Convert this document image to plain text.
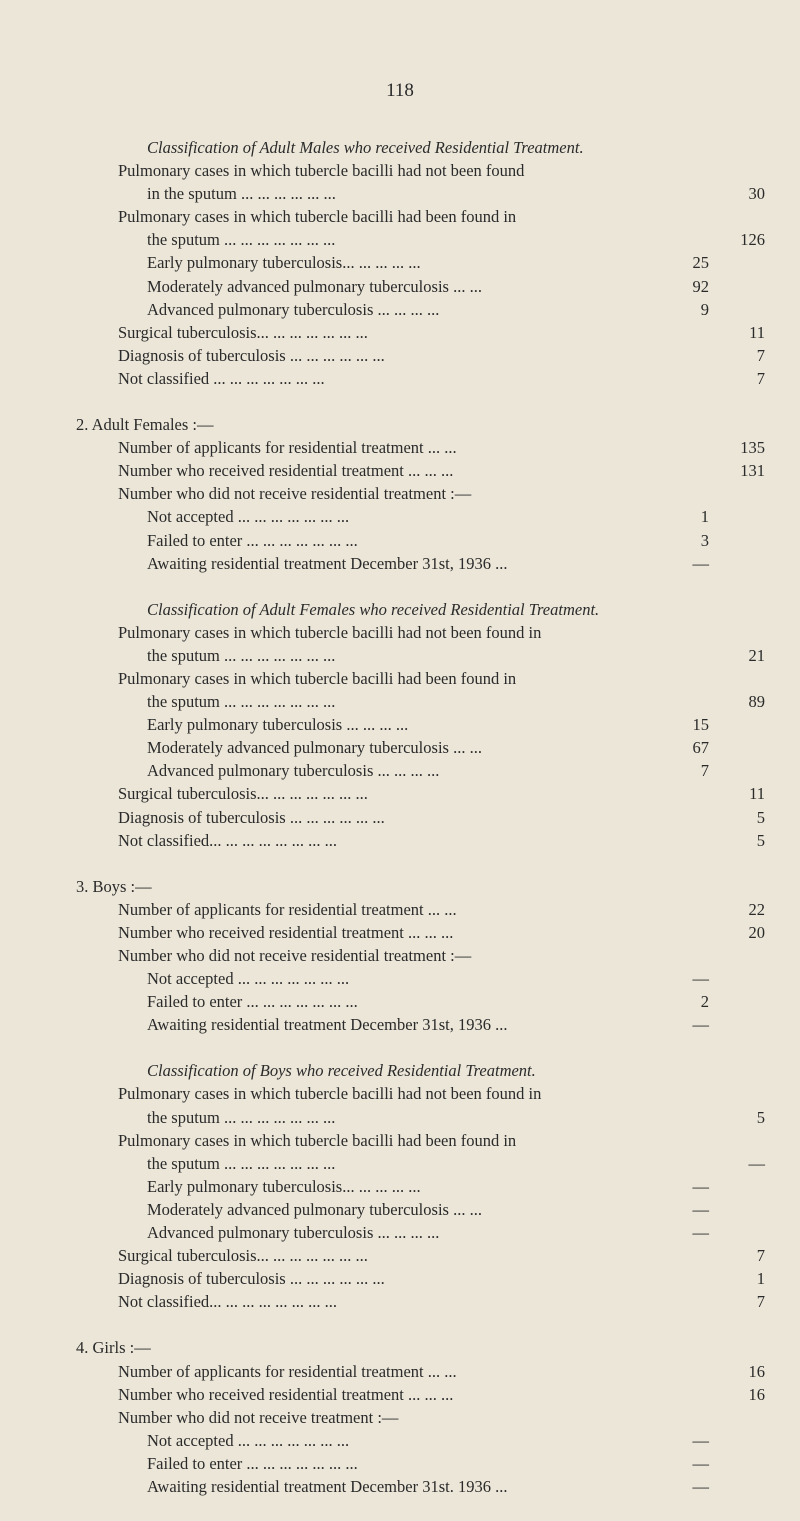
118
Classification of Adult Males who received Residential Treatment.
Pulmonary cases in which tubercle bacilli had not been found
in the sputum ... ... ... ... ... ...	30
Pulmonary cases in which tubercle bacilli had been found in
the sputum ... ... ... ... ... ... ...	126
Early pulmonary tuberculosis... ... ... ... ...	25
Moderately advanced pulmonary tuberculosis ... ...	92
Advanced pulmonary tuberculosis ... ... ... ...	9
Surgical tuberculosis... ... ... ... ... ... ...	11
Diagnosis of tuberculosis ... ... ... ... ... ...	7
Not classified ... ... ... ... ... ... ...	7
2. Adult Females :—
Number of applicants for residential treatment ... ...	135
Number who received residential treatment ... ... ...	131
Number who did not receive residential treatment :—
Not accepted ... ... ... ... ... ... ...	1
Failed to enter ... ... ... ... ... ... ...	3
Awaiting residential treatment December 31st, 1936 ...	—
Classification of Adult Females who received Residential Treatment.
Pulmonary cases in which tubercle bacilli had not been found in
the sputum ... ... ... ... ... ... ...	21
Pulmonary cases in which tubercle bacilli had been found in
the sputum ... ... ... ... ... ... ...	89
Early pulmonary tuberculosis ... ... ... ...	15
Moderately advanced pulmonary tuberculosis ... ...	67
Advanced pulmonary tuberculosis ... ... ... ...	7
Surgical tuberculosis... ... ... ... ... ... ...	11
Diagnosis of tuberculosis ... ... ... ... ... ...	5
Not classified... ... ... ... ... ... ... ...	5
3. Boys :—
Number of applicants for residential treatment ... ...	22
Number who received residential treatment ... ... ...	20
Number who did not receive residential treatment :—
Not accepted ... ... ... ... ... ... ...	—
Failed to enter ... ... ... ... ... ... ...	2
Awaiting residential treatment December 31st, 1936 ...	—
Classification of Boys who received Residential Treatment.
Pulmonary cases in which tubercle bacilli had not been found in
the sputum ... ... ... ... ... ... ...	5
Pulmonary cases in which tubercle bacilli had been found in
the sputum ... ... ... ... ... ... ...	—
Early pulmonary tuberculosis... ... ... ... ...	—
Moderately advanced pulmonary tuberculosis ... ...	—
Advanced pulmonary tuberculosis ... ... ... ...	—
Surgical tuberculosis... ... ... ... ... ... ...	7
Diagnosis of tuberculosis ... ... ... ... ... ...	1
Not classified... ... ... ... ... ... ... ...	7
4. Girls :—
Number of applicants for residential treatment ... ...	16
Number who received residential treatment ... ... ...	16
Number who did not receive treatment :—
Not accepted ... ... ... ... ... ... ...	—
Failed to enter ... ... ... ... ... ... ...	—
Awaiting residential treatment December 31st. 1936 ...	—
